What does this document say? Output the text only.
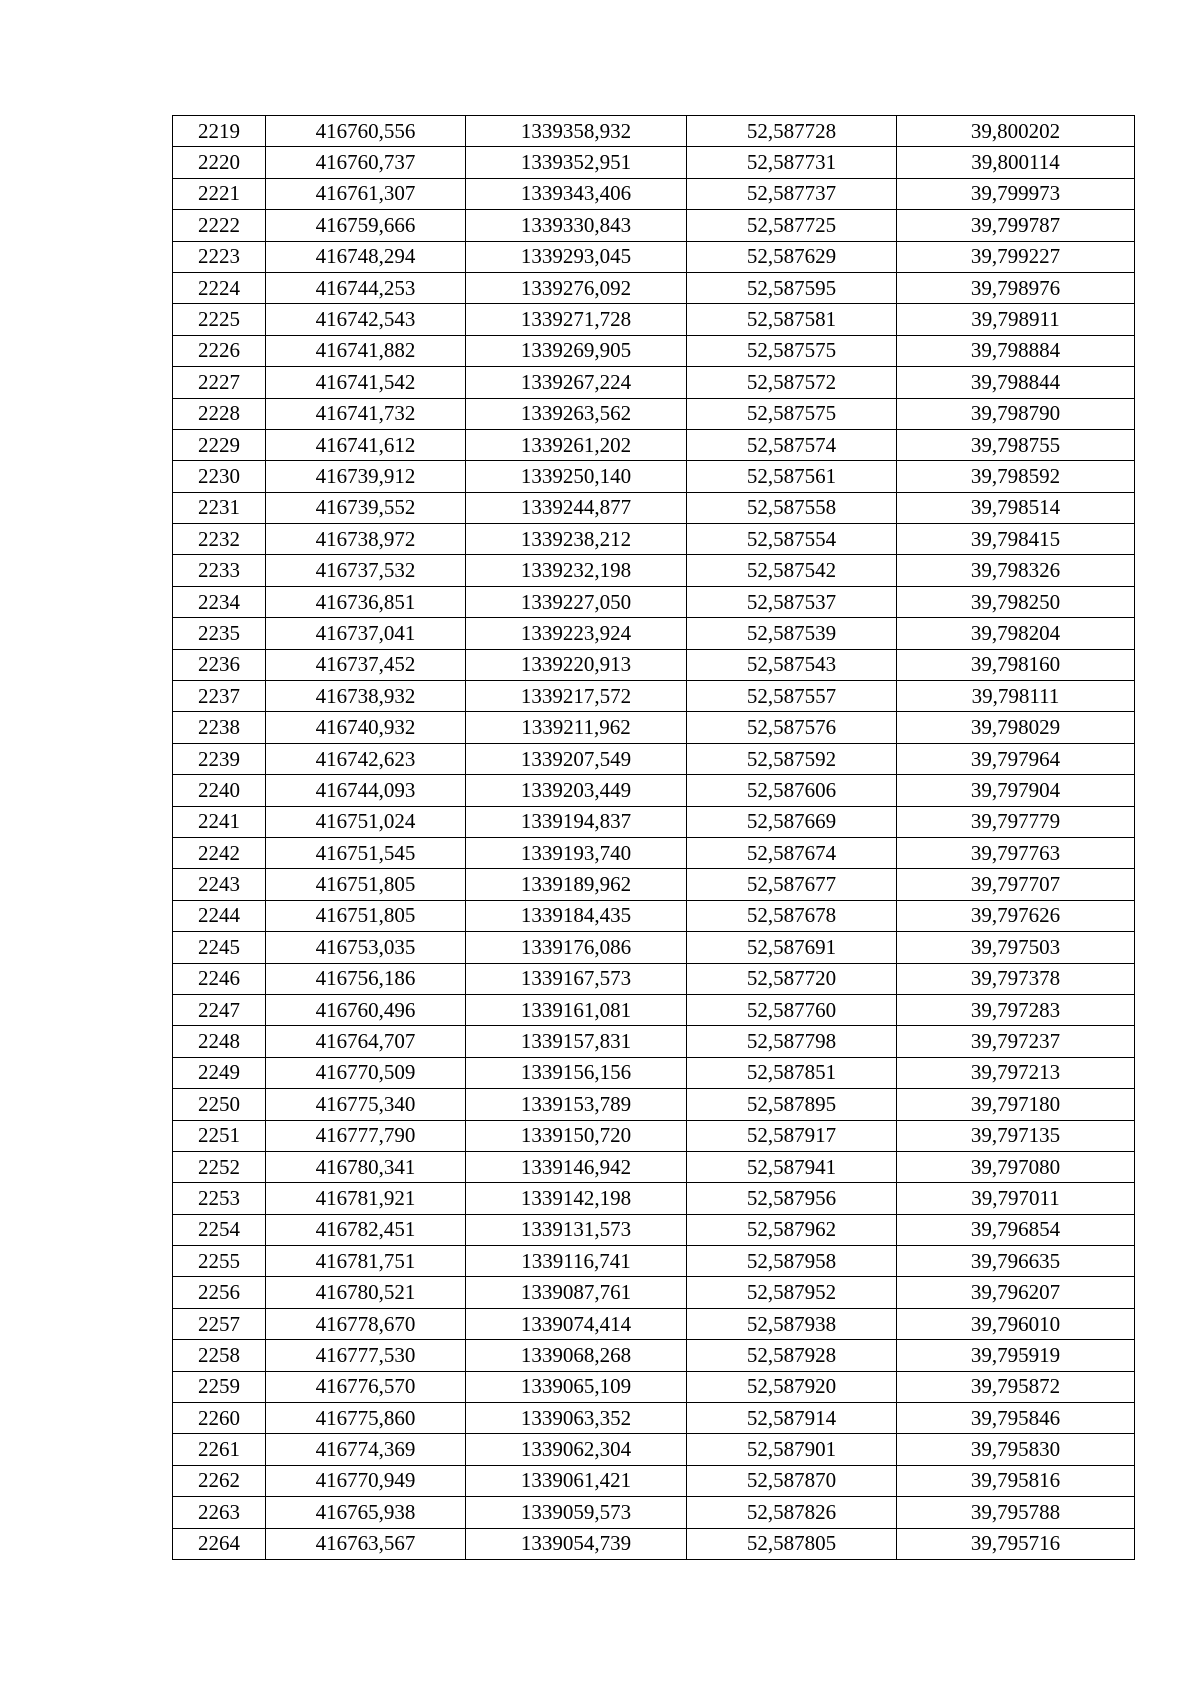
2219	416760,556	1339358,932	52,587728	39,800202
2220	416760,737	1339352,951	52,587731	39,800114
2221	416761,307	1339343,406	52,587737	39,799973
2222	416759,666	1339330,843	52,587725	39,799787
2223	416748,294	1339293,045	52,587629	39,799227
2224	416744,253	1339276,092	52,587595	39,798976
2225	416742,543	1339271,728	52,587581	39,798911
2226	416741,882	1339269,905	52,587575	39,798884
2227	416741,542	1339267,224	52,587572	39,798844
2228	416741,732	1339263,562	52,587575	39,798790
2229	416741,612	1339261,202	52,587574	39,798755
2230	416739,912	1339250,140	52,587561	39,798592
2231	416739,552	1339244,877	52,587558	39,798514
2232	416738,972	1339238,212	52,587554	39,798415
2233	416737,532	1339232,198	52,587542	39,798326
2234	416736,851	1339227,050	52,587537	39,798250
2235	416737,041	1339223,924	52,587539	39,798204
2236	416737,452	1339220,913	52,587543	39,798160
2237	416738,932	1339217,572	52,587557	39,798111
2238	416740,932	1339211,962	52,587576	39,798029
2239	416742,623	1339207,549	52,587592	39,797964
2240	416744,093	1339203,449	52,587606	39,797904
2241	416751,024	1339194,837	52,587669	39,797779
2242	416751,545	1339193,740	52,587674	39,797763
2243	416751,805	1339189,962	52,587677	39,797707
2244	416751,805	1339184,435	52,587678	39,797626
2245	416753,035	1339176,086	52,587691	39,797503
2246	416756,186	1339167,573	52,587720	39,797378
2247	416760,496	1339161,081	52,587760	39,797283
2248	416764,707	1339157,831	52,587798	39,797237
2249	416770,509	1339156,156	52,587851	39,797213
2250	416775,340	1339153,789	52,587895	39,797180
2251	416777,790	1339150,720	52,587917	39,797135
2252	416780,341	1339146,942	52,587941	39,797080
2253	416781,921	1339142,198	52,587956	39,797011
2254	416782,451	1339131,573	52,587962	39,796854
2255	416781,751	1339116,741	52,587958	39,796635
2256	416780,521	1339087,761	52,587952	39,796207
2257	416778,670	1339074,414	52,587938	39,796010
2258	416777,530	1339068,268	52,587928	39,795919
2259	416776,570	1339065,109	52,587920	39,795872
2260	416775,860	1339063,352	52,587914	39,795846
2261	416774,369	1339062,304	52,587901	39,795830
2262	416770,949	1339061,421	52,587870	39,795816
2263	416765,938	1339059,573	52,587826	39,795788
2264	416763,567	1339054,739	52,587805	39,795716
